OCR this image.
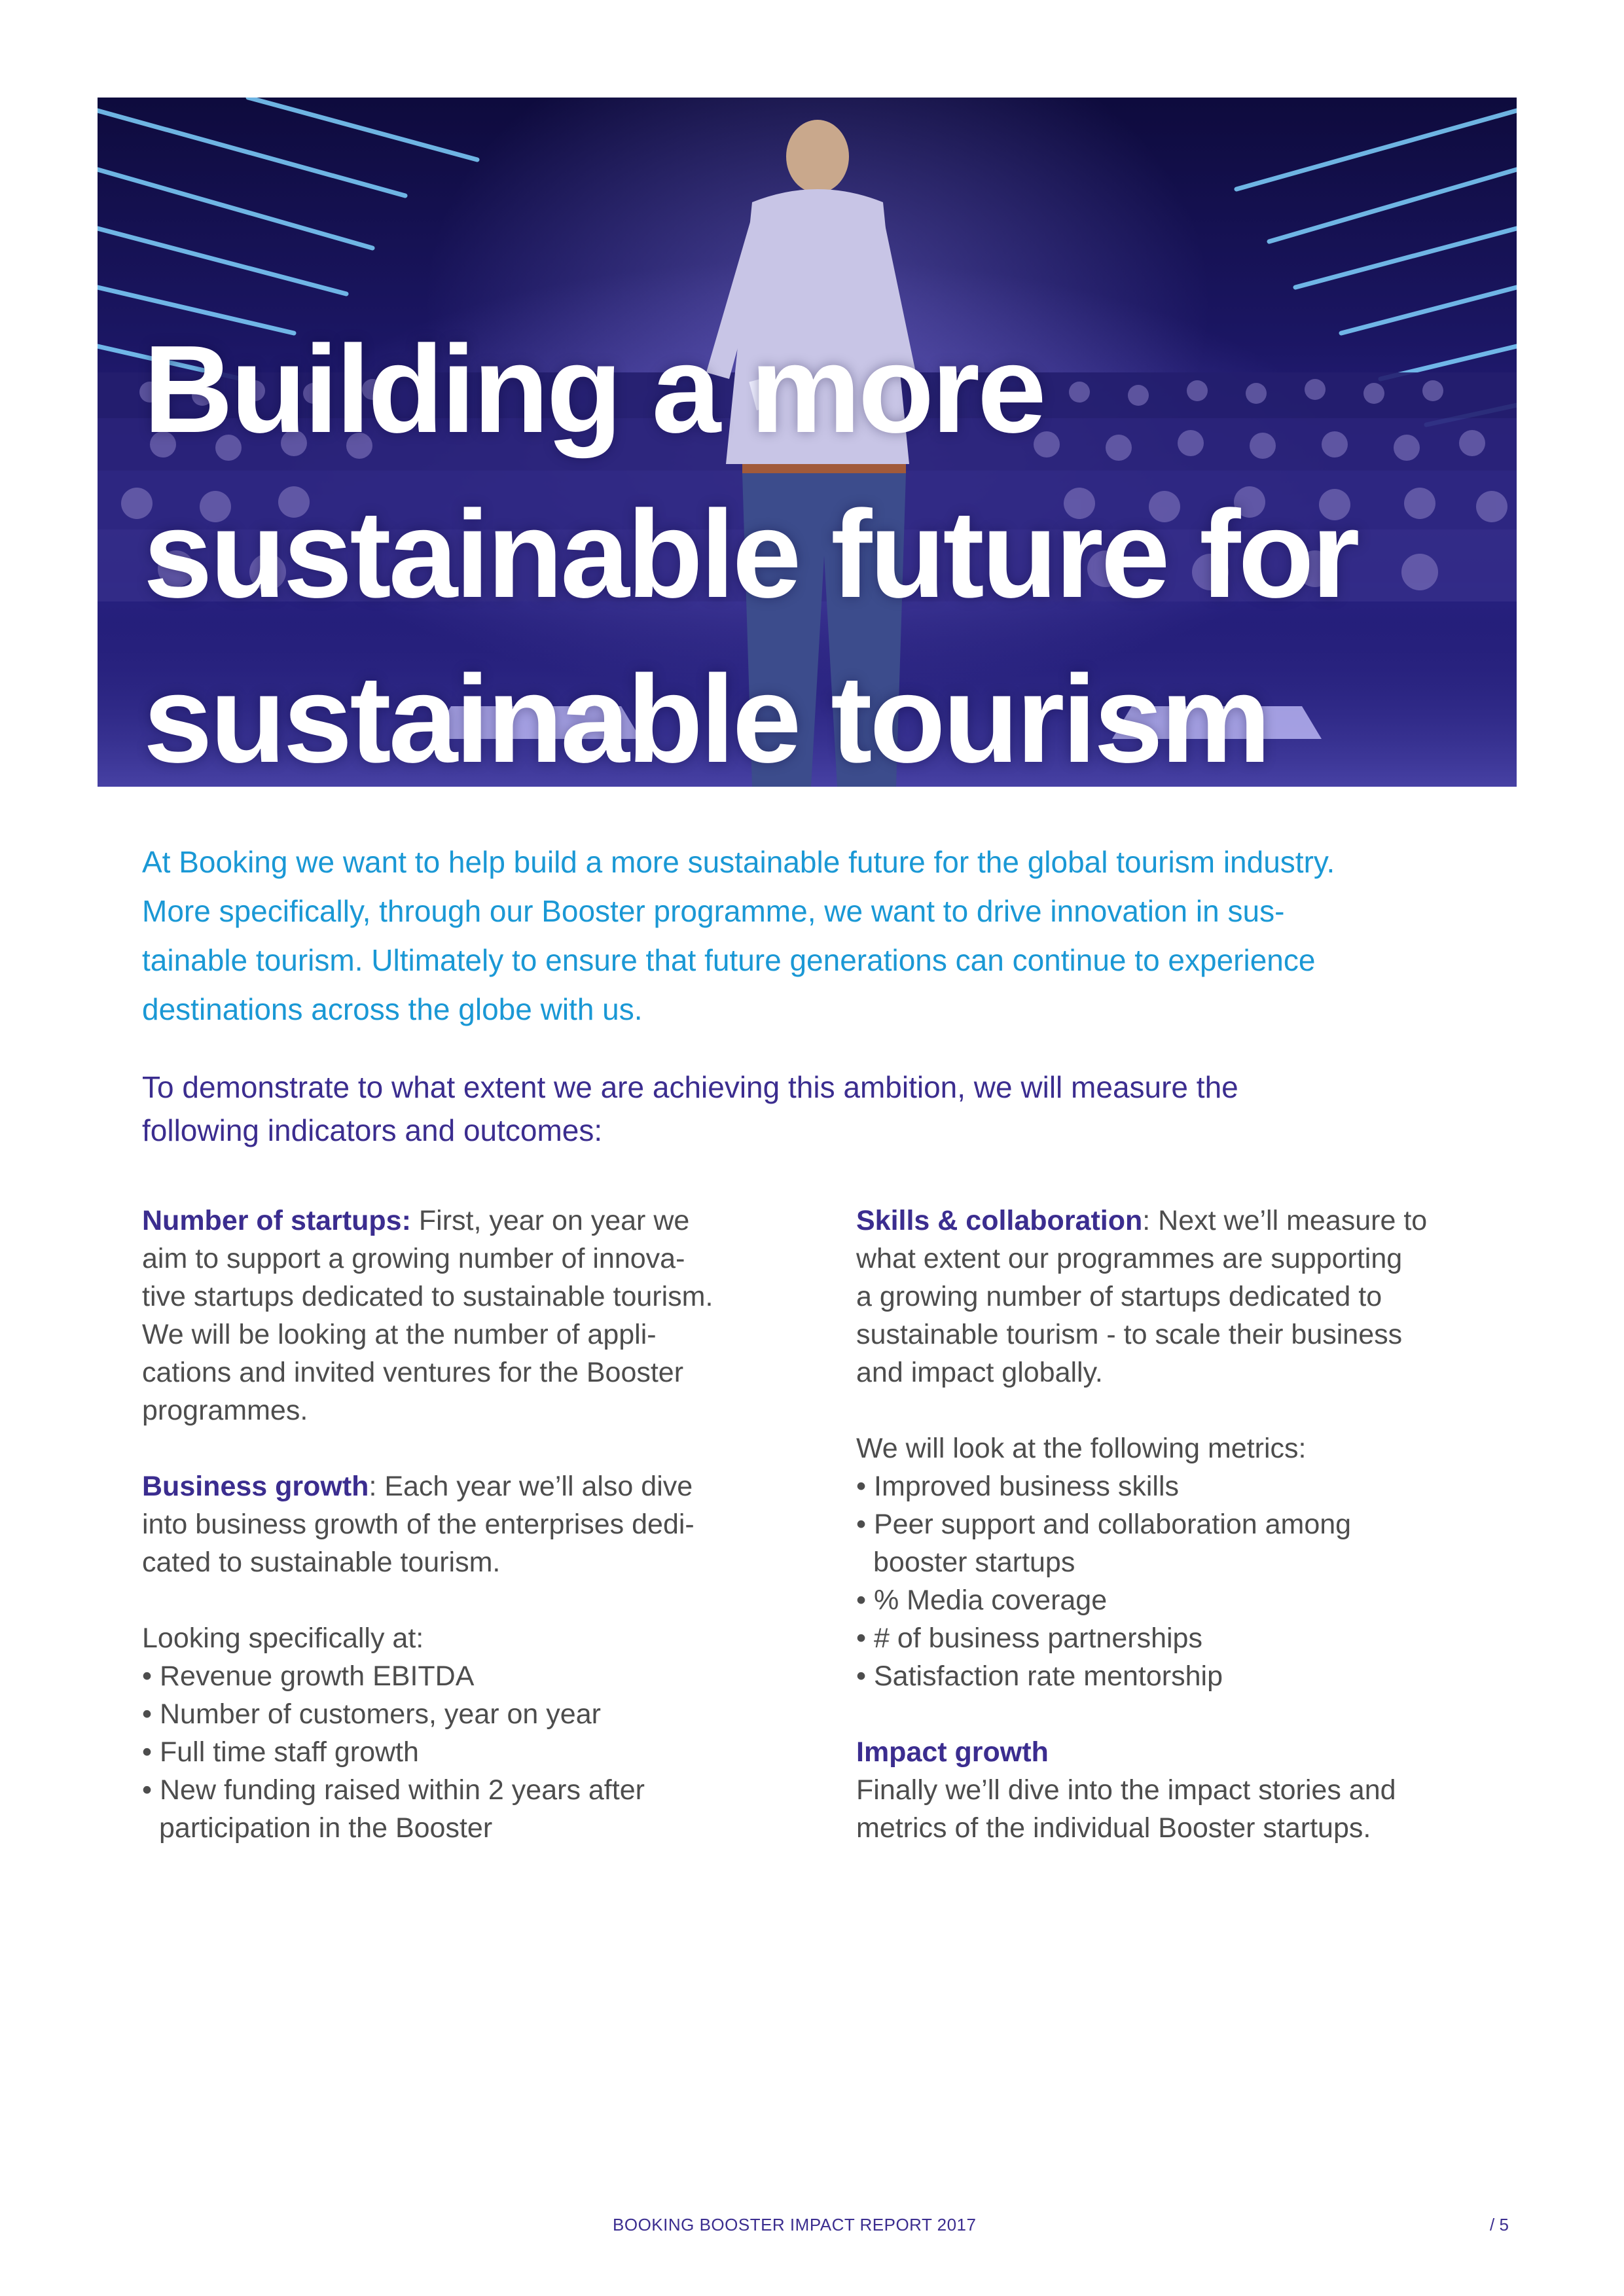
Building a more
sustainable future for
sustainable tourism

At Booking we want to help build a more sustainable future for the global tourism industry.
More specifically, through our Booster programme, we want to drive innovation in sus-
tainable tourism. Ultimately to ensure that future generations can continue to experience
destinations across the globe with us.

To demonstrate to what extent we are achieving this ambition, we will measure the
following indicators and outcomes:

Number of startups: First, year on year we
aim to support a growing number of innova-
tive startups dedicated to sustainable tourism.
We will be looking at the number of appli-
cations and invited ventures for the Booster
programmes.
Business growth: Each year we’ll also dive
into business growth of the enterprises dedi-
cated to sustainable tourism.
Looking specifically at:
• Revenue growth EBITDA
• Number of customers, year on year
• Full time staff growth
• New funding raised within 2 years after
participation in the Booster
Skills & collaboration: Next we’ll measure to
what extent our programmes are supporting
a growing number of startups dedicated to
sustainable tourism - to scale their business
and impact globally.
We will look at the following metrics:
• Improved business skills
• Peer support and collaboration among
booster startups
• % Media coverage
• # of business partnerships
• Satisfaction rate mentorship
Impact growth
Finally we’ll dive into the impact stories and
metrics of the individual Booster startups.
BOOKING BOOSTER IMPACT REPORT 2017	/ 5
